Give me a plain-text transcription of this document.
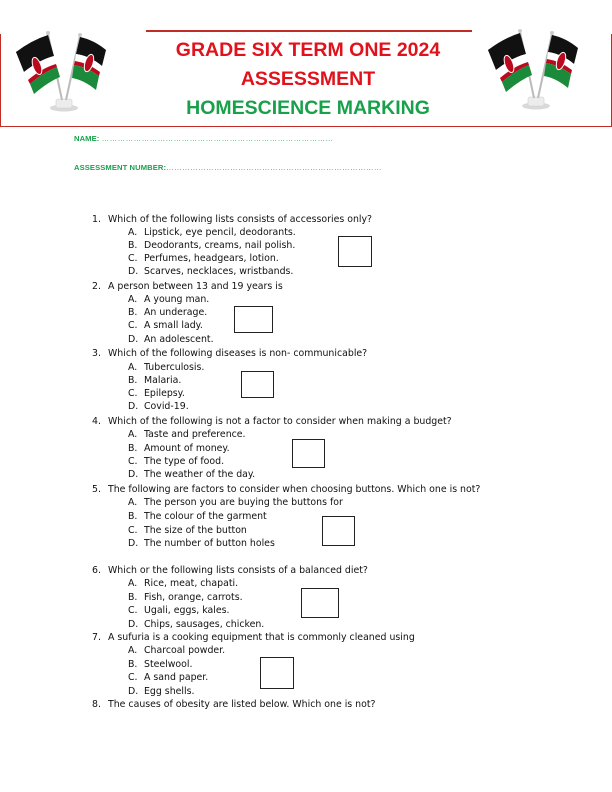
GRADE SIX TERM ONE 2024
ASSESSMENT
HOMESCIENCE MARKING
NAME: ……………………………………………………………………………
ASSESSMENT NUMBER:………………………………………………………………………
1. Which of the following lists consists of accessories only?
A. Lipstick, eye pencil, deodorants.
B. Deodorants, creams, nail polish.
C. Perfumes, headgears, lotion.
D. Scarves, necklaces, wristbands.
2. A person between 13 and 19 years is
A. A young man.
B. An underage.
C. A small lady.
D. An adolescent.
3. Which of the following diseases is non- communicable?
A. Tuberculosis.
B. Malaria.
C. Epilepsy.
D. Covid-19.
4. Which of the following is not a factor to consider when making a budget?
A. Taste and preference.
B. Amount of money.
C. The type of food.
D. The weather of the day.
5. The following are factors to consider when choosing buttons. Which one is not?
A. The person you are buying the buttons for
B. The colour of the garment
C. The size of the button
D. The number of button holes
6. Which or the following lists consists of a balanced diet?
A. Rice, meat, chapati.
B. Fish, orange, carrots.
C. Ugali, eggs, kales.
D. Chips, sausages, chicken.
7. A sufuria is a cooking equipment that is commonly cleaned using
A. Charcoal powder.
B. Steelwool.
C. A sand paper.
D. Egg shells.
8. The causes of obesity are listed below. Which one is not?
